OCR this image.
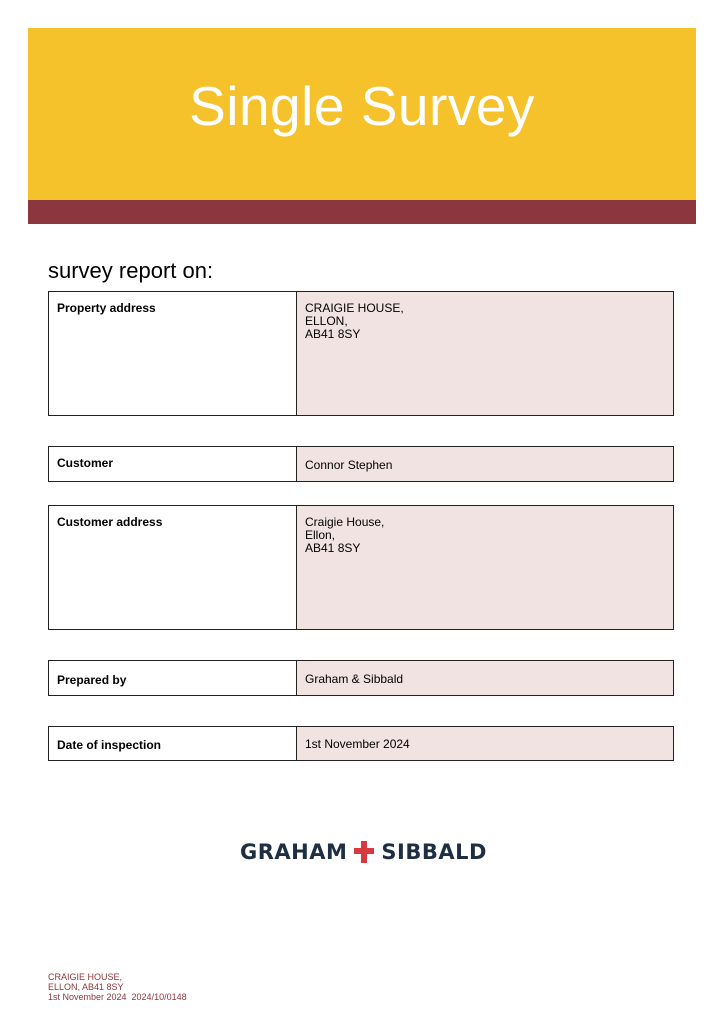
Single Survey
survey report on:
Property address	CRAIGIE HOUSE,
ELLON,
AB41 8SY
Customer	Connor Stephen
Customer address	Craigie House,
Ellon,
AB41 8SY
Prepared by	Graham & Sibbald
Date of inspection	1st November 2024
GRAHAM SIBBALD
CRAIGIE HOUSE,
ELLON, AB41 8SY
1st November 2024  2024/10/0148
